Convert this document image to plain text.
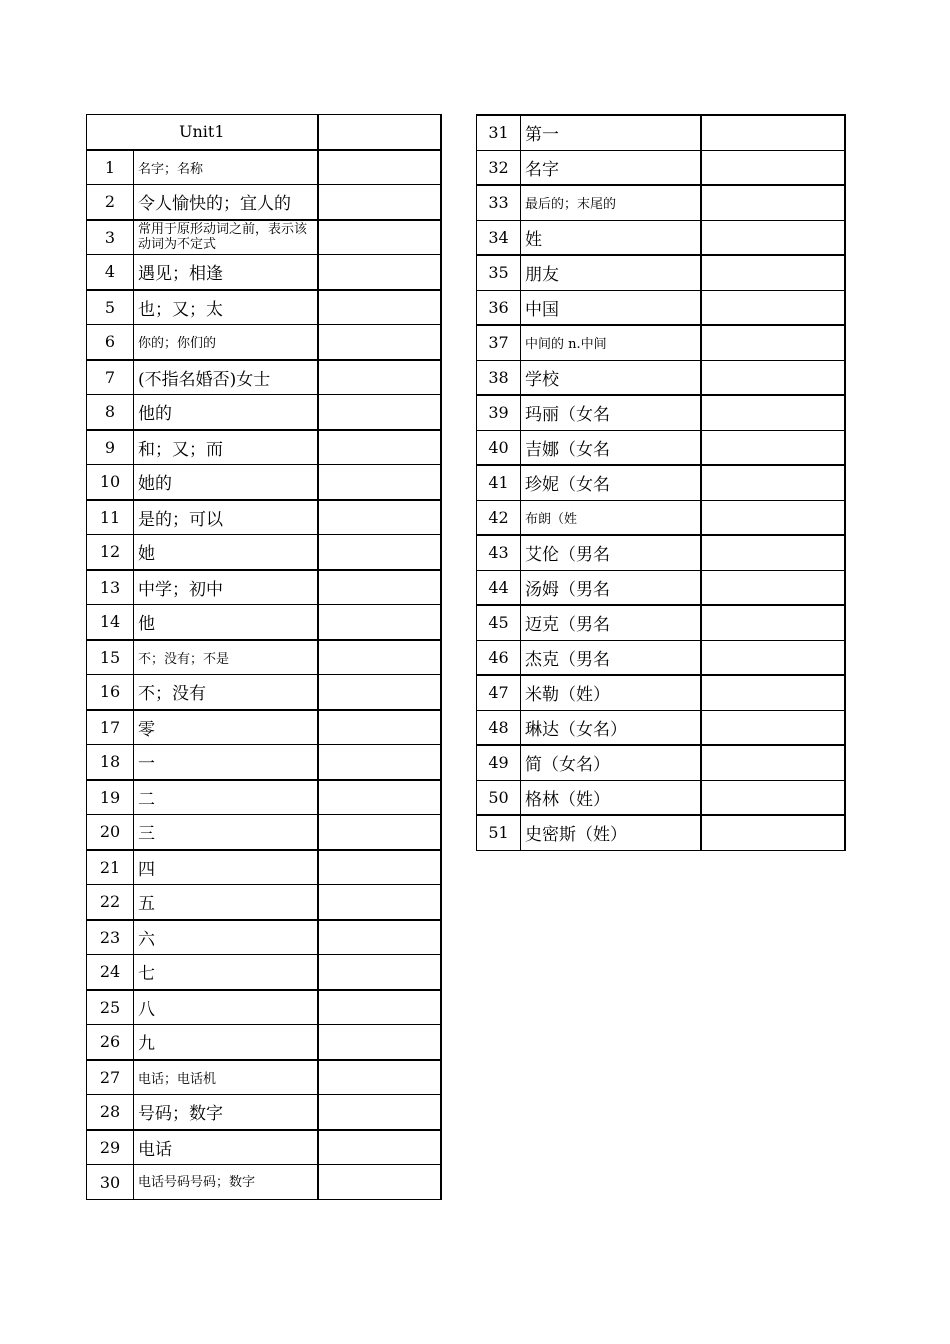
Unit1		
1	名字；名称	
2	令人愉快的；宜人的	
3	常用于原形动词之前，表示该动词为不定式	
4	遇见；相逢	
5	也；又；太	
6	你的；你们的	
7	(不指名婚否)女士	
8	他的	
9	和；又；而	
10	她的	
11	是的；可以	
12	她	
13	中学；初中	
14	他	
15	不；没有；不是	
16	不；没有	
17	零	
18	一	
19	二	
20	三	
21	四	
22	五	
23	六	
24	七	
25	八	
26	九	
27	电话；电话机	
28	号码；数字	
29	电话	
30	电话号码号码；数字	
31	第一	
32	名字	
33	最后的；末尾的	
34	姓	
35	朋友	
36	中国	
37	中间的 n.中间	
38	学校	
39	玛丽（女名	
40	吉娜（女名	
41	珍妮（女名	
42	布朗（姓	
43	艾伦（男名	
44	汤姆（男名	
45	迈克（男名	
46	杰克（男名	
47	米勒（姓）	
48	琳达（女名）	
49	简（女名）	
50	格林（姓）	
51	史密斯（姓）	
